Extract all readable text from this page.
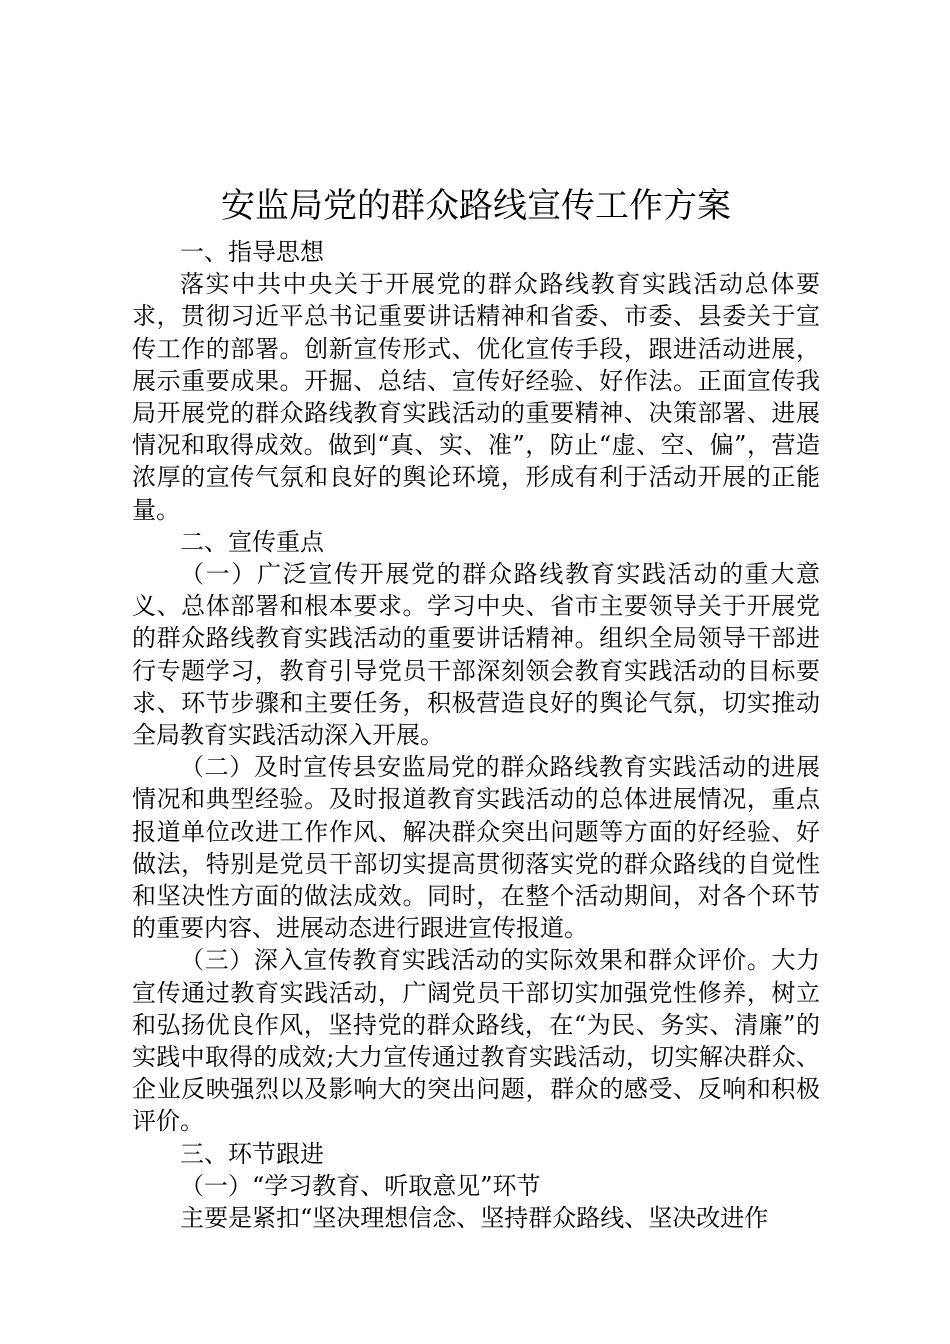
安监局党的群众路线宣传工作方案
一、指导思想

落实中共中央关于开展党的群众路线教育实践活动总体要求，贯彻习近平总书记重要讲话精神和省委、市委、县委关于宣传工作的部署。创新宣传形式、优化宣传手段，跟进活动进展，展示重要成果。开掘、总结、宣传好经验、好作法。正面宣传我局开展党的群众路线教育实践活动的重要精神、决策部署、进展情况和取得成效。做到“真、实、准”，防止“虚、空、偏”，营造浓厚的宣传气氛和良好的舆论环境，形成有利于活动开展的正能量。

二、宣传重点

（一）广泛宣传开展党的群众路线教育实践活动的重大意义、总体部署和根本要求。学习中央、省市主要领导关于开展党的群众路线教育实践活动的重要讲话精神。组织全局领导干部进行专题学习，教育引导党员干部深刻领会教育实践活动的目标要求、环节步骤和主要任务，积极营造良好的舆论气氛，切实推动全局教育实践活动深入开展。

（二）及时宣传县安监局党的群众路线教育实践活动的进展情况和典型经验。及时报道教育实践活动的总体进展情况，重点报道单位改进工作作风、解决群众突出问题等方面的好经验、好做法，特别是党员干部切实提高贯彻落实党的群众路线的自觉性和坚决性方面的做法成效。同时，在整个活动期间，对各个环节的重要内容、进展动态进行跟进宣传报道。

（三）深入宣传教育实践活动的实际效果和群众评价。大力宣传通过教育实践活动，广阔党员干部切实加强党性修养，树立和弘扬优良作风，坚持党的群众路线，在“为民、务实、清廉”的实践中取得的成效;大力宣传通过教育实践活动，切实解决群众、企业反映强烈以及影响大的突出问题，群众的感受、反响和积极评价。

三、环节跟进
（一）“学习教育、听取意见”环节

主要是紧扣“坚决理想信念、坚持群众路线、坚决改进作
